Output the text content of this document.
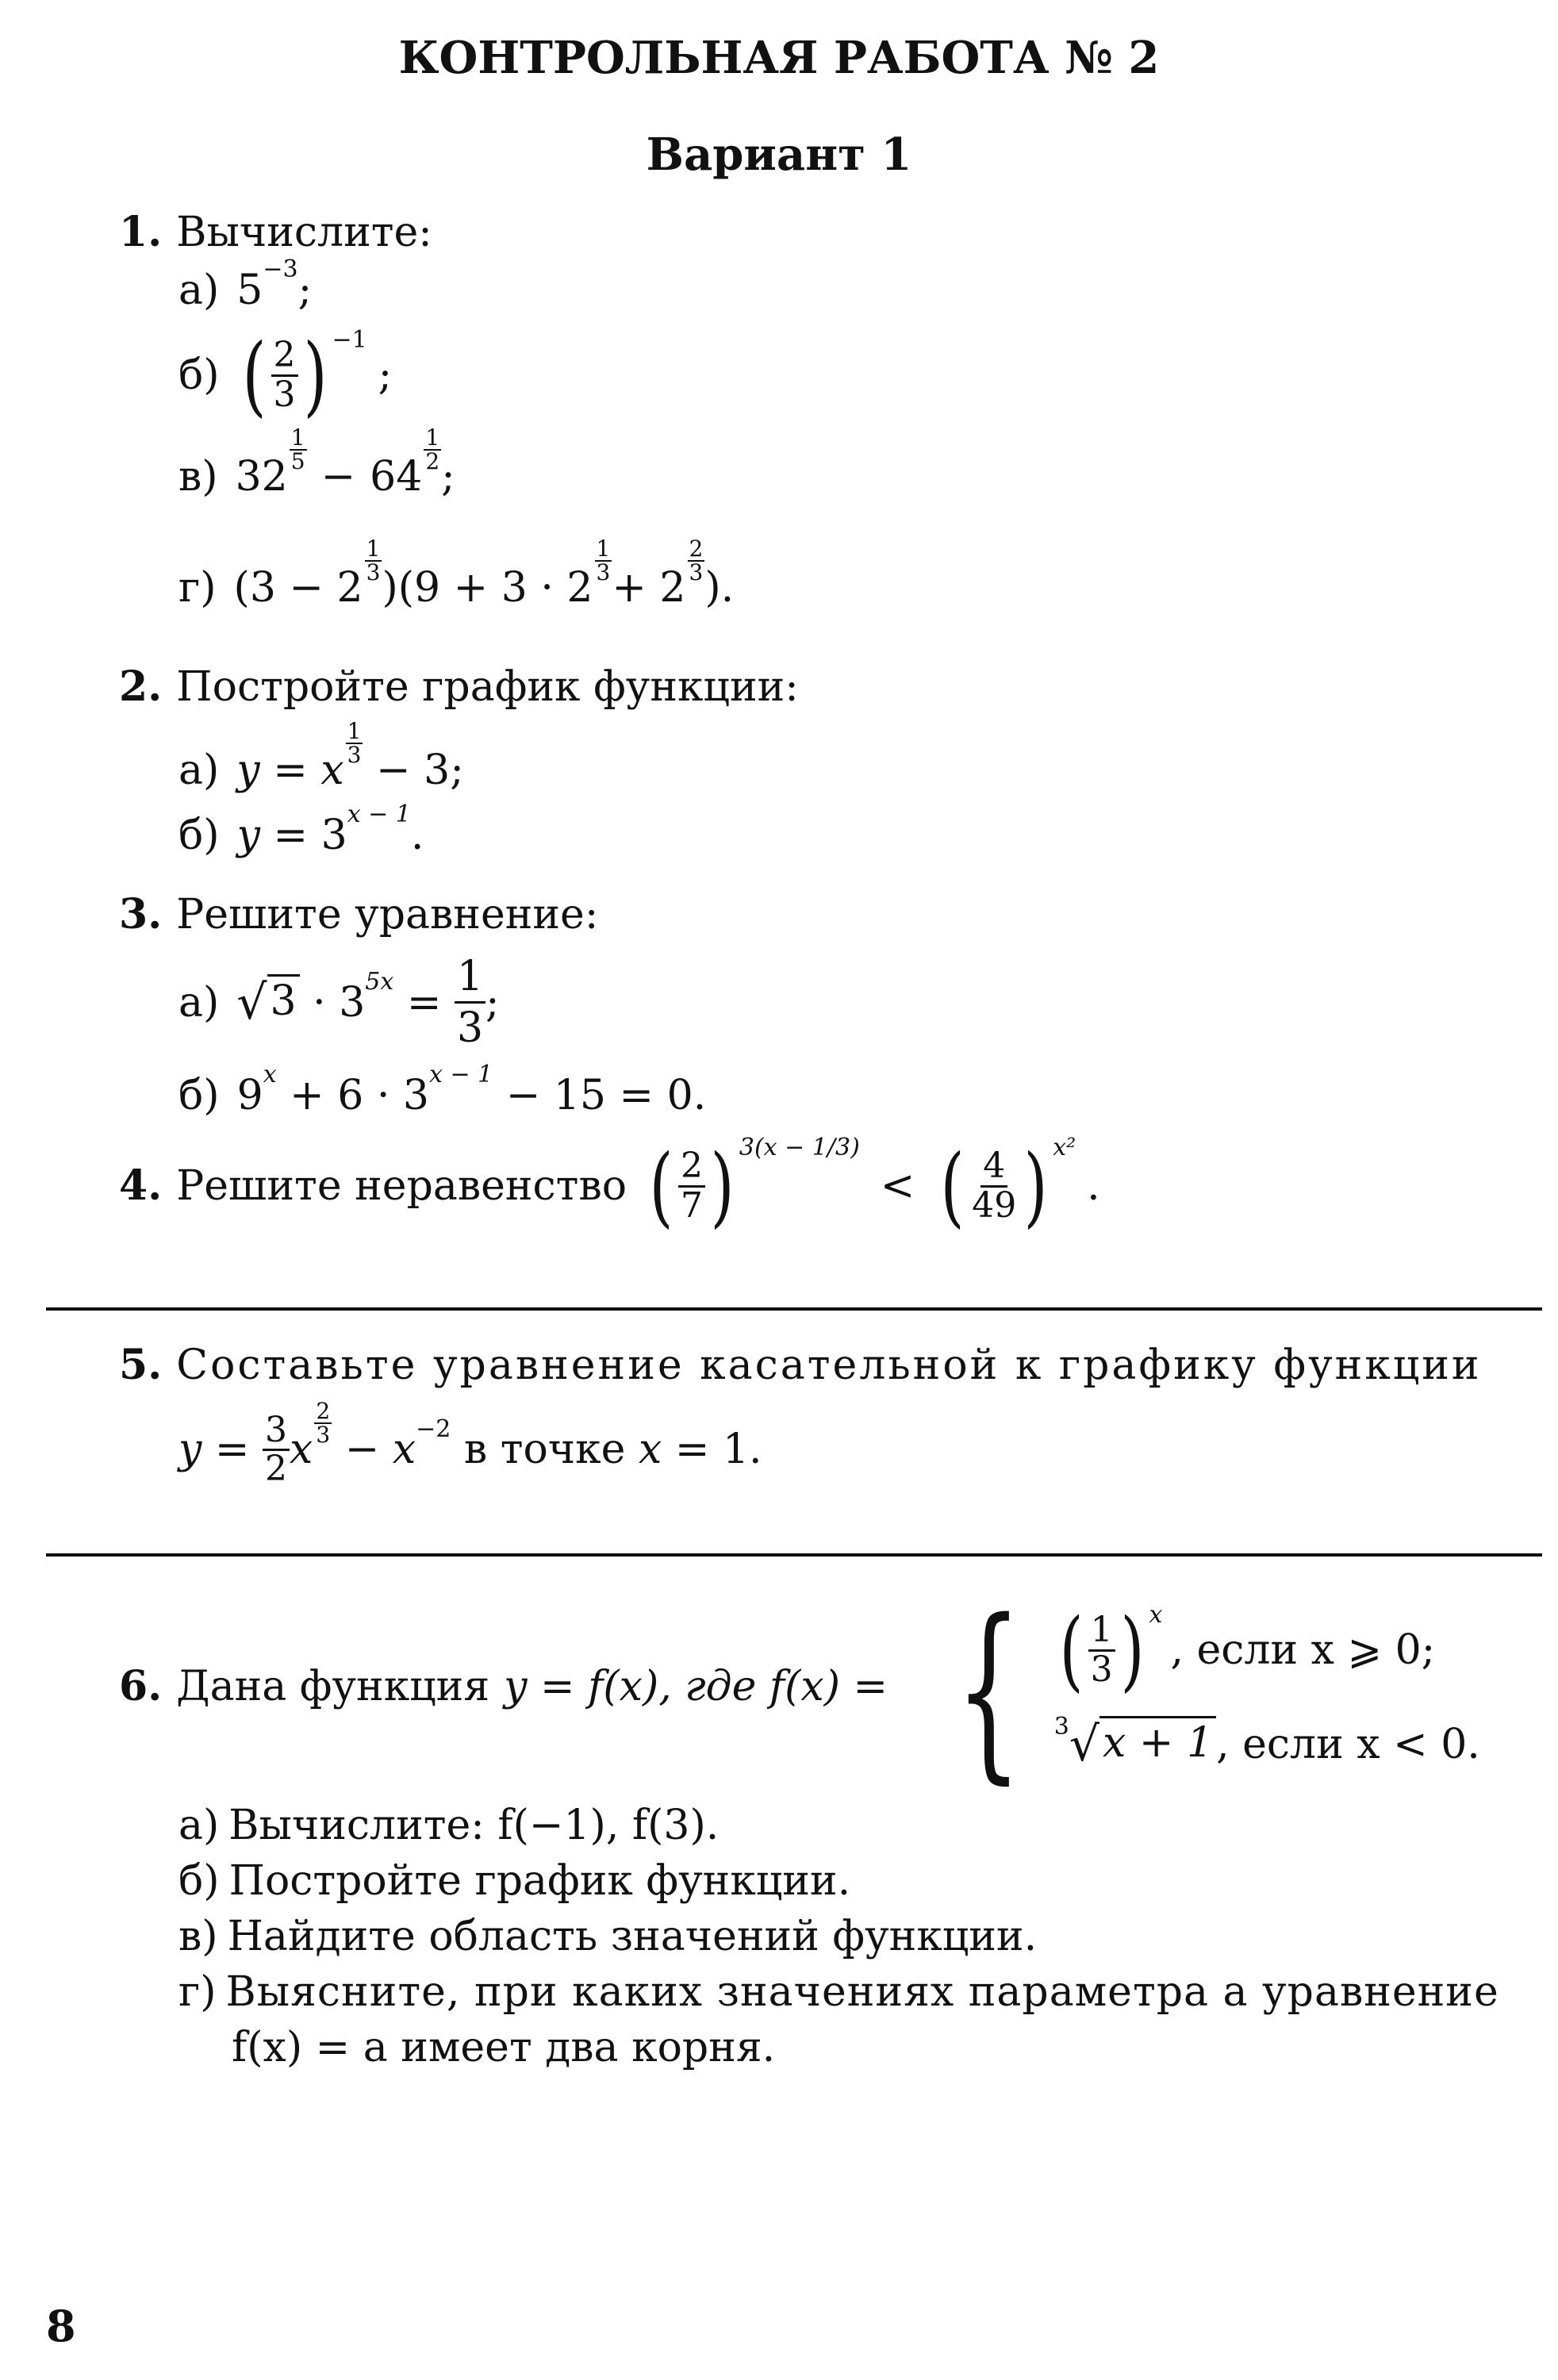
КОНТРОЛЬНАЯ РАБОТА № 2
Вариант 1
1. Вычислите:
а) $5^{-3}$ ;
б) ( $\frac{2}{3} )^{-1}$
;
в) 32
$\frac{1}{5}$
− 64
$\frac{1}{2}$
;
г) (3 − 2
$\frac{1}{3}$
)(9 + 3 · 2
$\frac{1}{3}$
+ 2
$\frac{2}{3}$
).
2. Постройте график функции:
а) y = x
$\frac{1}{3}$
− 3;
б) $y = 3^{x - 1}$ .
3. Решите уравнение:
а) √ $3 \cdot 3^{5x} = \frac{1}{3}$ ;
б) $9^x + 6 \cdot 3^{x - 1} - 15 = 0$.
4. Решите неравенство ( $\frac{2}{7} )^{3(x - 1/3)}$
< ( $\frac{4}{49} )^{x^2}$
.
5. Составьте уравнение касательной к графику функции
$y = \frac{3}{2}$ x
$\frac{2}{3}$
− $x^{-2}$ в точке x = 1.
6. Дана функция y = f(x), где f(x) = { ( $\frac{1}{3} )^x$
, если x ⩾ 0;
$^3$ √ x + 1 , если x < 0.
а) Вычислите: f(−1), f(3).
б) Постройте график функции.
в) Найдите область значений функции.
г) Выясните, при каких значениях параметра a уравнение
f(x) = a имеет два корня.
8
